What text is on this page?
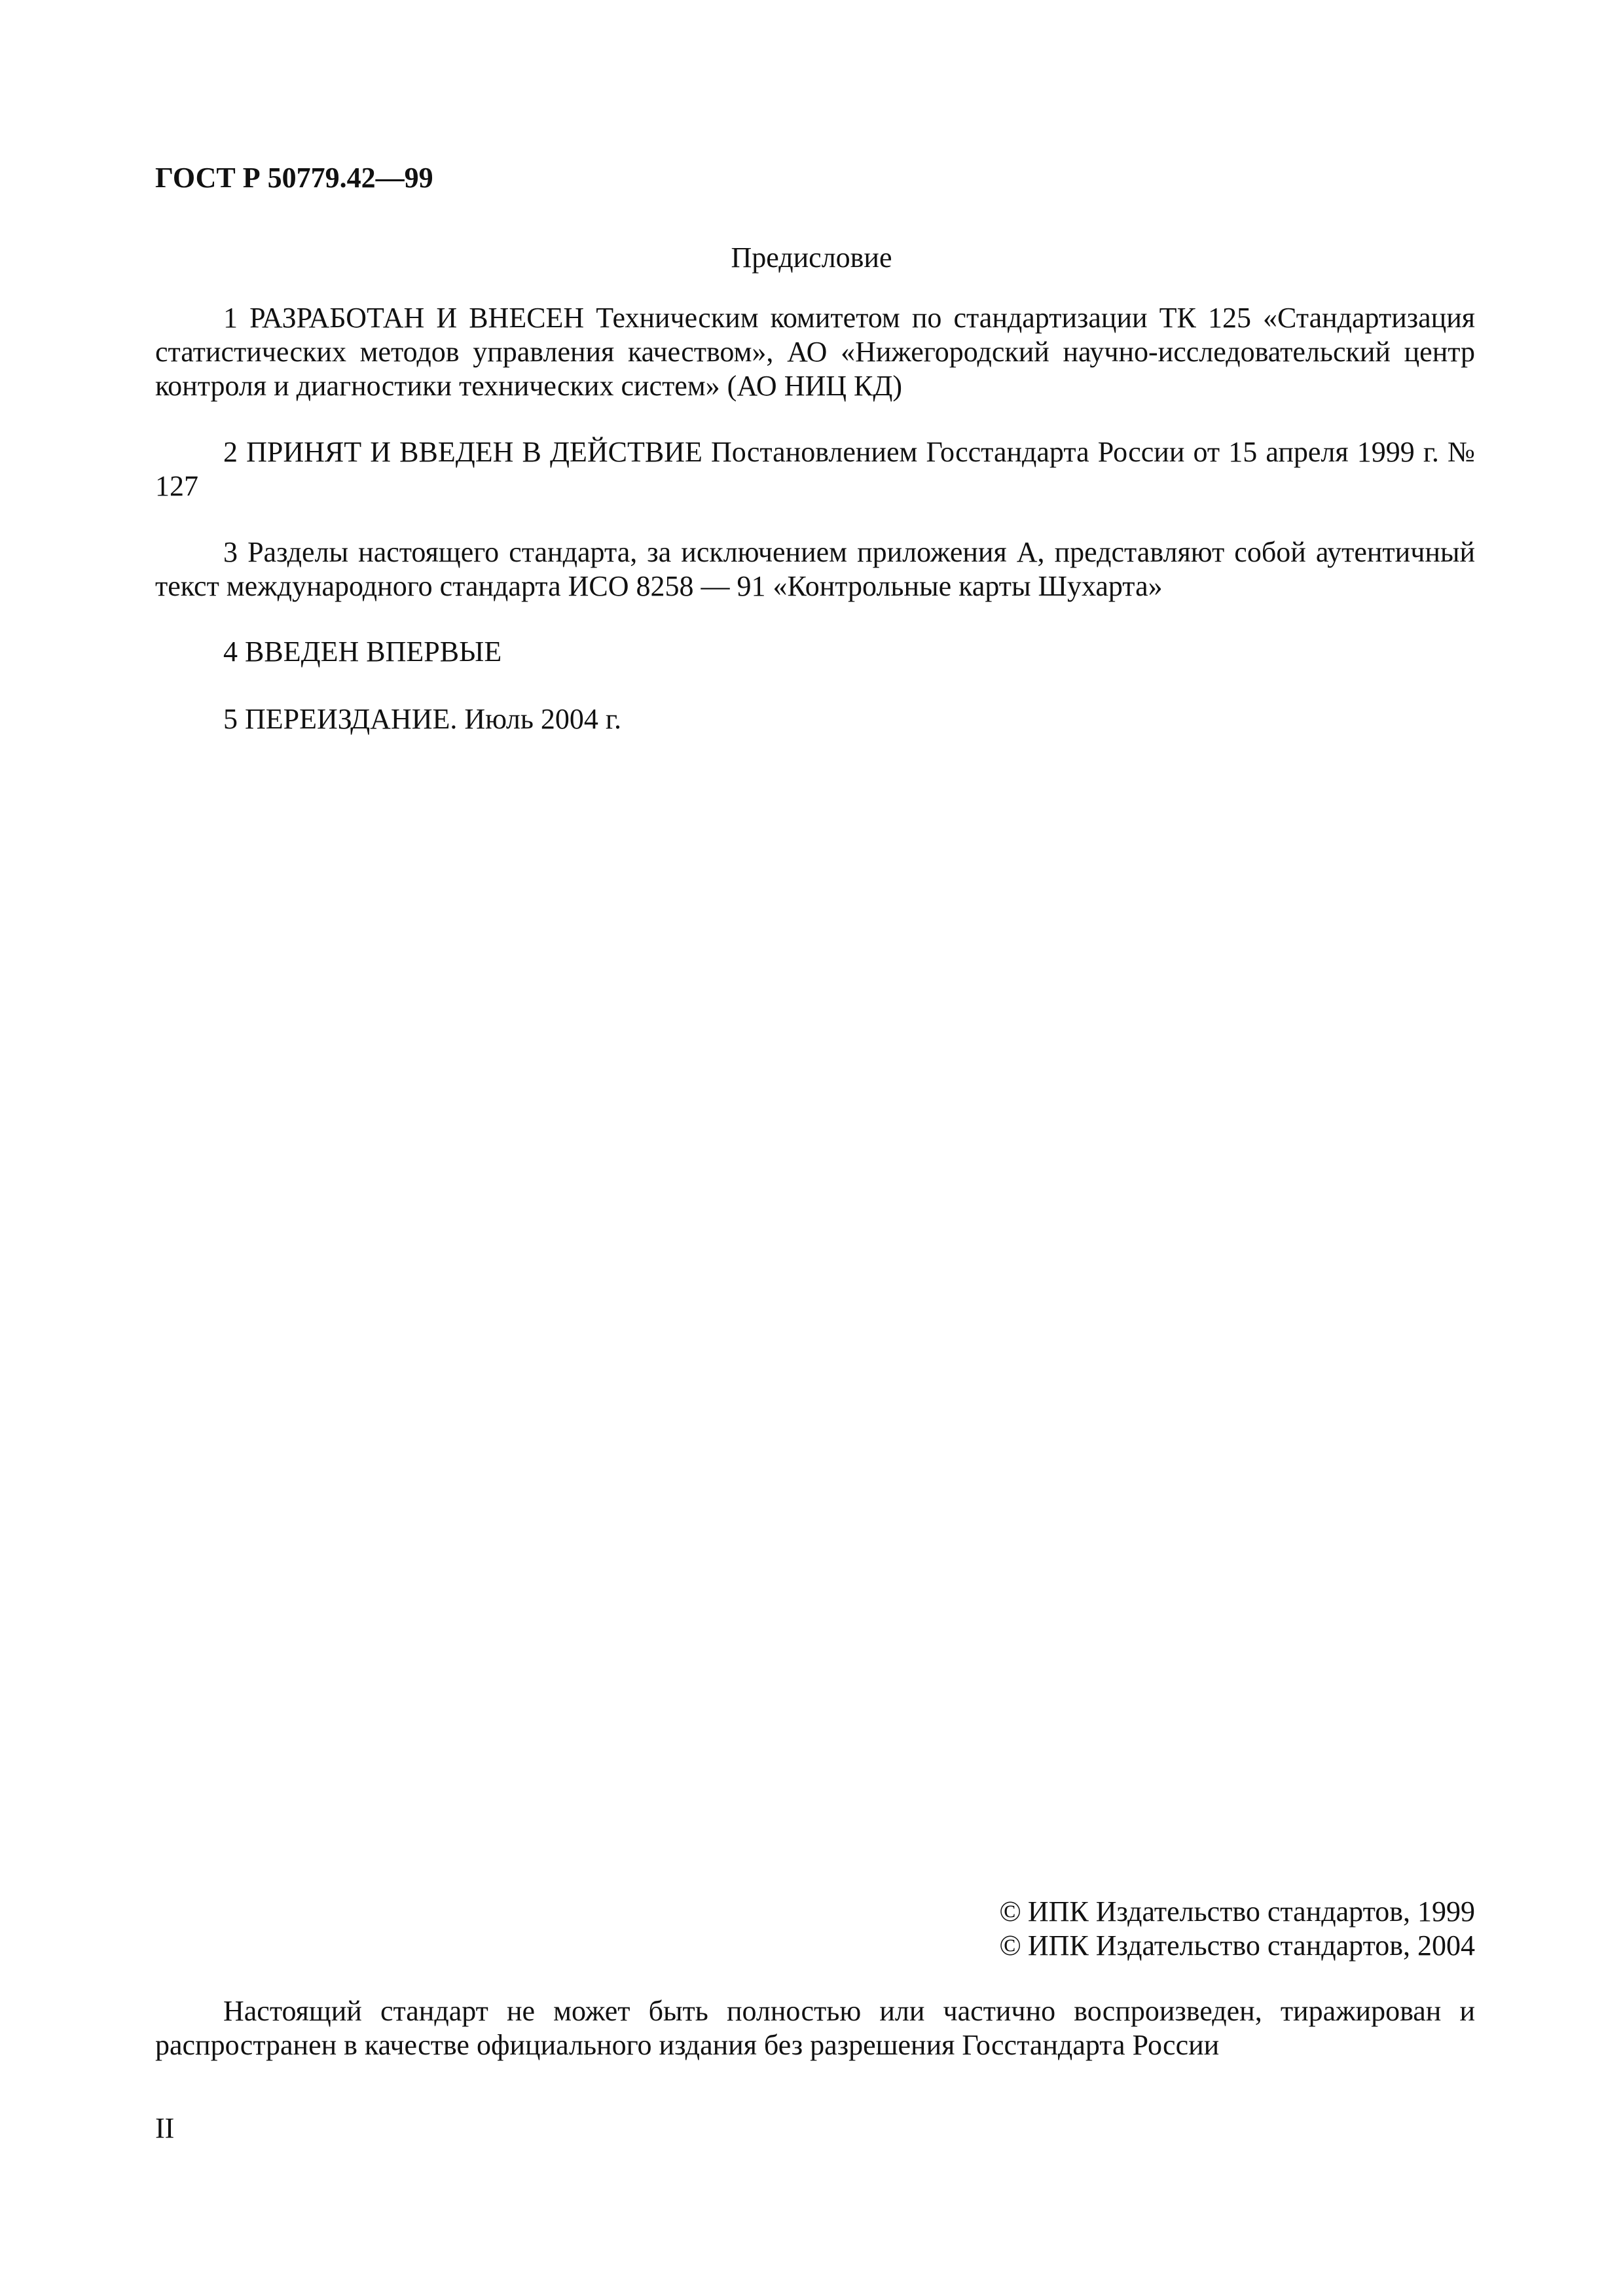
ГОСТ Р 50779.42—99
Предисловие

1 РАЗРАБОТАН И ВНЕСЕН Техническим комитетом по стандартизации ТК 125 «Стандартизация статистических методов управления качеством», АО «Нижегородский научно-исследовательский центр контроля и диагностики технических систем» (АО НИЦ КД)

2 ПРИНЯТ И ВВЕДЕН В ДЕЙСТВИЕ Постановлением Госстандарта России от 15 апреля 1999 г. № 127

3 Разделы настоящего стандарта, за исключением приложения А, представляют собой аутентичный текст международного стандарта ИСО 8258 — 91 «Контрольные карты Шухарта»

4 ВВЕДЕН ВПЕРВЫЕ

5 ПЕРЕИЗДАНИЕ. Июль 2004 г.

© ИПК Издательство стандартов, 1999
© ИПК Издательство стандартов, 2004

Настоящий стандарт не может быть полностью или частично воспроизведен, тиражирован и распространен в качестве официального издания без разрешения Госстандарта России

II
